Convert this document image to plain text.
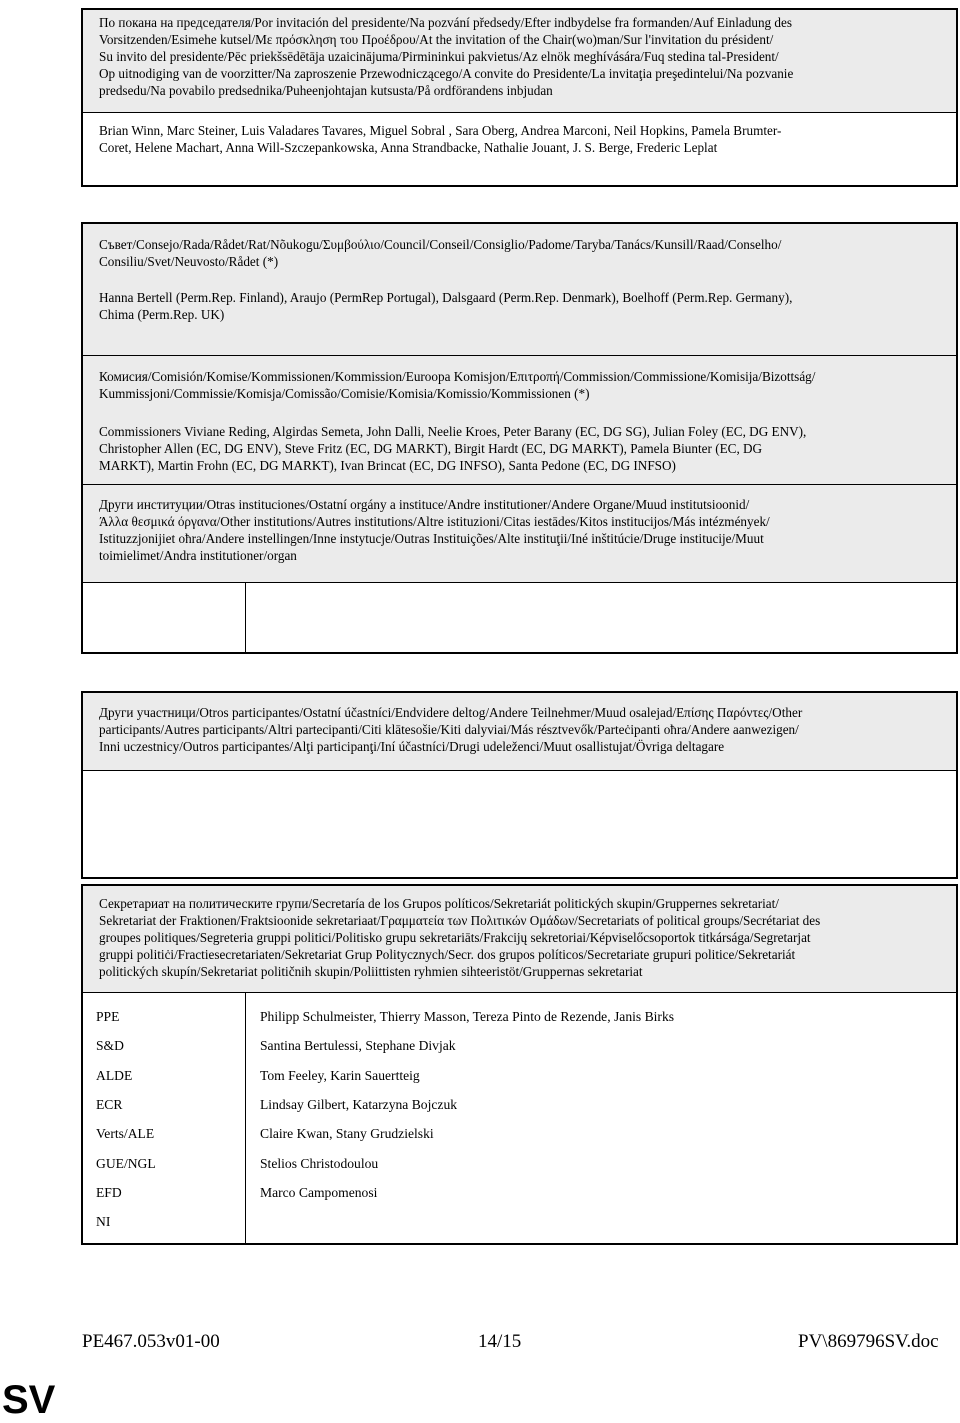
По покана на председателя/Por invitación del presidente/Na pozvání předsedy/Efter indbydelse fra formanden/Auf Einladung des
Vorsitzenden/Esimehe kutsel/Με πρόσκληση του Προέδρου/At the invitation of the Chair(wo)man/Sur l'invitation du président/
Su invito del presidente/Pēc priekšsēdētāja uzaicinājuma/Pirmininkui pakvietus/Az elnök meghívására/Fuq stedina tal-President/
Op uitnodiging van de voorzitter/Na zaproszenie Przewodniczącego/A convite do Presidente/La invitaţia preşedintelui/Na pozvanie
predsedu/Na povabilo predsednika/Puheenjohtajan kutsusta/På ordförandens inbjudan
Brian Winn, Marc Steiner, Luis Valadares Tavares, Miguel Sobral , Sara Oberg, Andrea Marconi, Neil Hopkins, Pamela Brumter-
Coret, Helene Machart, Anna Will-Szczepankowska, Anna Strandbacke, Nathalie Jouant, J. S. Berge, Frederic Leplat
Съвет/Consejo/Rada/Rådet/Rat/Nõukogu/Συμβούλιο/Council/Conseil/Consiglio/Padome/Taryba/Tanács/Kunsill/Raad/Conselho/
Consiliu/Svet/Neuvosto/Rådet (*)
Hanna Bertell (Perm.Rep. Finland), Araujo (PermRep Portugal), Dalsgaard (Perm.Rep. Denmark), Boelhoff (Perm.Rep. Germany),
Chima (Perm.Rep. UK)
Комисия/Comisión/Komise/Kommissionen/Kommission/Euroopa Komisjon/Επιτροπή/Commission/Commissione/Komisija/Bizottság/
Kummissjoni/Commissie/Komisja/Comissão/Comisie/Komisia/Komissio/Kommissionen (*)
Commissioners Viviane Reding, Algirdas Semeta, John Dalli, Neelie Kroes, Peter Barany (EC, DG SG), Julian Foley (EC, DG ENV),
Christopher Allen (EC, DG ENV), Steve Fritz (EC, DG MARKT), Birgit Hardt (EC, DG MARKT), Pamela Biunter (EC, DG
MARKT), Martin Frohn (EC, DG MARKT), Ivan Brincat (EC, DG INFSO), Santa Pedone (EC, DG INFSO)
Други институции/Otras instituciones/Ostatní orgány a instituce/Andre institutioner/Andere Organe/Muud institutsioonid/
Άλλα θεσμικά όργανα/Other institutions/Autres institutions/Altre istituzioni/Citas iestādes/Kitos institucijos/Más intézmények/
Istituzzjonijiet oħra/Andere instellingen/Inne instytucje/Outras Instituições/Alte instituţii/Iné inštitúcie/Druge institucije/Muut
toimielimet/Andra institutioner/organ
Други участници/Otros participantes/Ostatní účastníci/Endvidere deltog/Andere Teilnehmer/Muud osalejad/Επίσης Παρόντες/Other
participants/Autres participants/Altri partecipanti/Citi klātesošie/Kiti dalyviai/Más résztvevők/Parteċipanti oħra/Andere aanwezigen/
Inni uczestnicy/Outros participantes/Alţi participanţi/Iní účastníci/Drugi udeleženci/Muut osallistujat/Övriga deltagare
Секретариат на политическите групи/Secretaría de los Grupos políticos/Sekretariát politických skupin/Gruppernes sekretariat/
Sekretariat der Fraktionen/Fraktsioonide sekretariaat/Γραμματεία των Πολιτικών Ομάδων/Secretariats of political groups/Secrétariat des
groupes politiques/Segreteria gruppi politici/Politisko grupu sekretariāts/Frakcijų sekretoriai/Képviselőcsoportok titkársága/Segretarjat
gruppi politiċi/Fractiesecretariaten/Sekretariat Grup Politycznych/Secr. dos grupos políticos/Secretariate grupuri politice/Sekretariát
politických skupín/Sekretariat političnih skupin/Poliittisten ryhmien sihteeristöt/Gruppernas sekretariat
PPE	Philipp Schulmeister, Thierry Masson, Tereza Pinto de Rezende, Janis Birks
S&D	Santina Bertulessi, Stephane Divjak
ALDE	Tom Feeley, Karin Sauertteig
ECR	Lindsay Gilbert, Katarzyna Bojczuk
Verts/ALE	Claire Kwan, Stany Grudzielski
GUE/NGL	Stelios Christodoulou
EFD	Marco Campomenosi
NI
PE467.053v01-00	14/15	PV\869796SV.doc
SV
